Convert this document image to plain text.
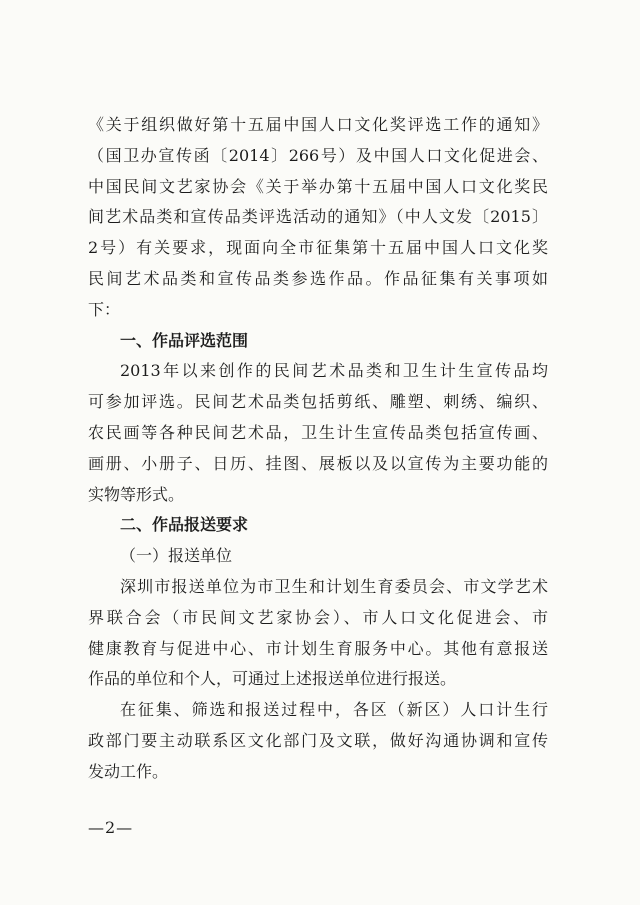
《关于组织做好第十五届中国人口文化奖评选工作的通知》

（国卫办宣传函〔2014〕266号）及中国人口文化促进会、

中国民间文艺家协会《关于举办第十五届中国人口文化奖民

间艺术品类和宣传品类评选活动的通知》（中人文发〔2015〕

2号）有关要求，现面向全市征集第十五届中国人口文化奖

民间艺术品类和宣传品类参选作品。作品征集有关事项如

下：

一、作品评选范围

2013年以来创作的民间艺术品类和卫生计生宣传品均

可参加评选。民间艺术品类包括剪纸、雕塑、刺绣、编织、

农民画等各种民间艺术品，卫生计生宣传品类包括宣传画、

画册、小册子、日历、挂图、展板以及以宣传为主要功能的

实物等形式。

二、作品报送要求

（一）报送单位

深圳市报送单位为市卫生和计划生育委员会、市文学艺术

界联合会（市民间文艺家协会）、市人口文化促进会、市

健康教育与促进中心、市计划生育服务中心。其他有意报送

作品的单位和个人，可通过上述报送单位进行报送。

在征集、筛选和报送过程中，各区（新区）人口计生行

政部门要主动联系区文化部门及文联，做好沟通协调和宣传

发动工作。

—2—
